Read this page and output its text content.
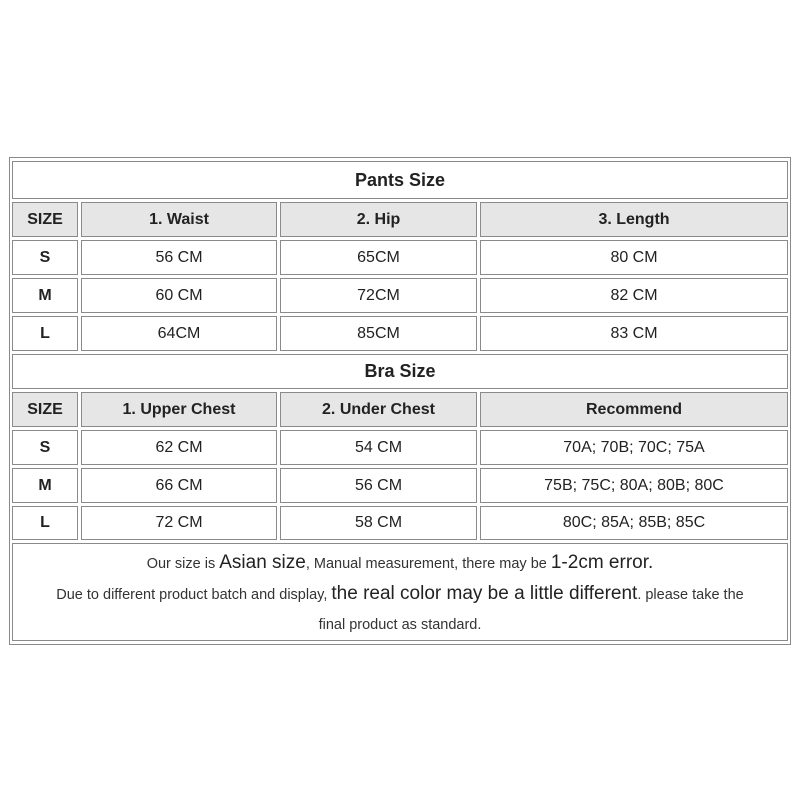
Pants Size
SIZE	1. Waist	2. Hip	3. Length
S	56 CM	65CM	80 CM
M	60 CM	72CM	82 CM
L	64CM	85CM	83 CM
Bra Size
SIZE	1. Upper Chest	2. Under Chest	Recommend
S	62 CM	54 CM	70A; 70B; 70C; 75A
M	66 CM	56 CM	75B; 75C; 80A; 80B; 80C
L	72 CM	58 CM	80C; 85A; 85B; 85C
Our size is Asian size, Manual measurement, there may be 1-2cm error.
Due to different product batch and display, the real color may be a little different. please take the
final product as standard.
